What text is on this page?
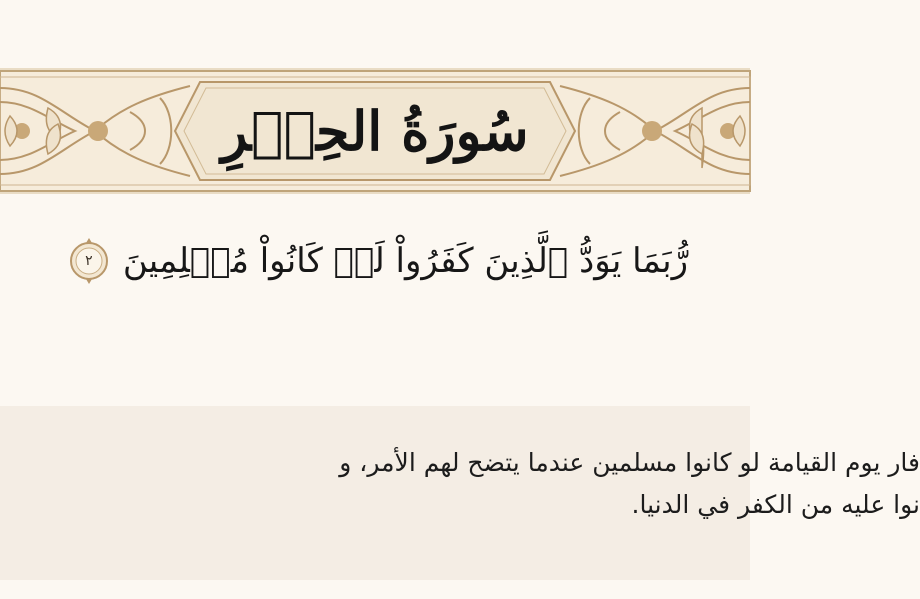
سُورَةُ الحِجۡرِ
رُّبَمَا يَوَدُّ ٱلَّذِينَ كَفَرُواْ لَوۡ كَانُواْ مُسۡلِمِينَ
٢
فار يوم القيامة لو كانوا مسلمين عندما يتضح لهم الأمر، و
نوا عليه من الكفر في الدنيا.
